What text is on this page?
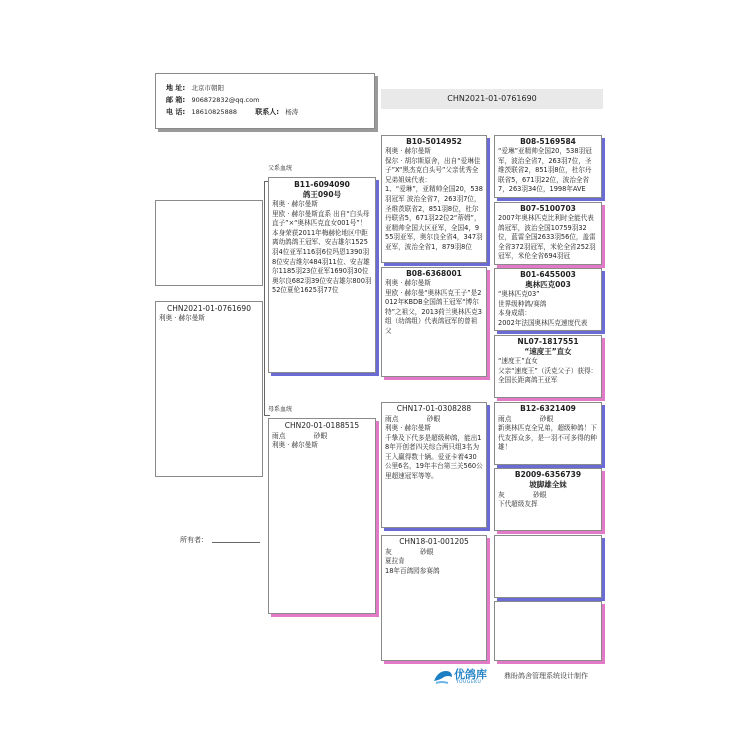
地 址: 北京市朝阳
邮 箱: 906872832@qq.com
电 话: 18610825888	联系人: 杨涛
CHN2021-01-0761690
CHN2021-01-0761690
利奥 · 赫尔曼斯
所有者：
父系血统
母系血统
B11-6094090
鸽王090号
利奥 · 赫尔曼斯
里欧 · 赫尔曼斯直系 出自“白头母直子”×“奥林匹克直女001号”！本身荣获2011年梅赫伦地区中距离幼鸽鸽王冠军、安吉雄尔1525羽4位亚军116羽6位玛恩1390羽8位安吉维尔484羽11位、安吉雄尔1185羽23位亚军1690羽30位奥尔良682羽39位安吉雄尔800羽52位夏伦1625羽77位
CHN20-01-0188515
雨点	砂眼
利奥 · 赫尔曼斯
B10-5014952
利奥 · 赫尔曼斯
保尔 · 胡尔斯原舍，出自“爱琳佳子”X“黑杰克白头号”父亲优秀全兄弟姐妹代表：
1、“爱琳”，亚精帅全国20，538羽冠军 波治全省7，263羽7位，圣维茨联省2，851羽8位，杜尔丹联省5，671羽22位2“蒂姆”，亚精帅全国大区亚军，全国4，955羽亚军，奥尔良全省4，347羽亚军，波治全省1，879羽8位
B08-6368001
利奥 · 赫尔曼斯
里欧 · 赫尔曼“奥林匹克王子”是2012年KBDB全国鸽王冠军“博尔特”之祖父，2013荷兰奥林匹克3组（幼鸽组）代表鸽冠军的曾祖父
CHN17-01-0308288
雨点	砂眼
利奥 · 赫尔曼斯
千挚及下代多是超级种鸽，能出18年开创者四关综合两只组3名为王入赢得数十辆。爱亚卡着430公里6名，19年丰台第三关560公里超速冠军等等。
CHN18-01-001205
灰	砂眼
夏拉肯
18年百鸽园参赛鸽
B08-5169584
“爱琳”亚精帅全国20，538羽冠军，波治全省7，263羽7位，圣维茨联省2，851羽8位，杜尔丹联省5，671羽22位，波治全省7，263羽34位，1998年AVE
B07-5100703
2007年奥林匹克比利时全能代表鸽冠军，波治全国10759羽32位，蓝雷全国2633羽56位，盖雷全省372羽冠军，米伦全省252羽冠军，米伦全省694羽冠
B01-6455003
奥林匹克003
“奥林匹克03”
世界级种鸽/赛鸽
本身成绩：
2002年法国奥林匹克速度代表
NL07-1817551
“速度王”直女
“速度王”直女
父亲“速度王”（沃克父子）获得：
全国长距离鸽王亚军
B12-6321409
雨点	砂眼
新奥林匹克全兄弟，超级种鸽！下代友挥众多，是一羽不可多得的种雄！
B2009-6356739
坡脚雄全妹
灰	砂眼
下代超级友挥
优鸽库
YOUGEKU
鼎盼鸽舍管理系统设计制作
